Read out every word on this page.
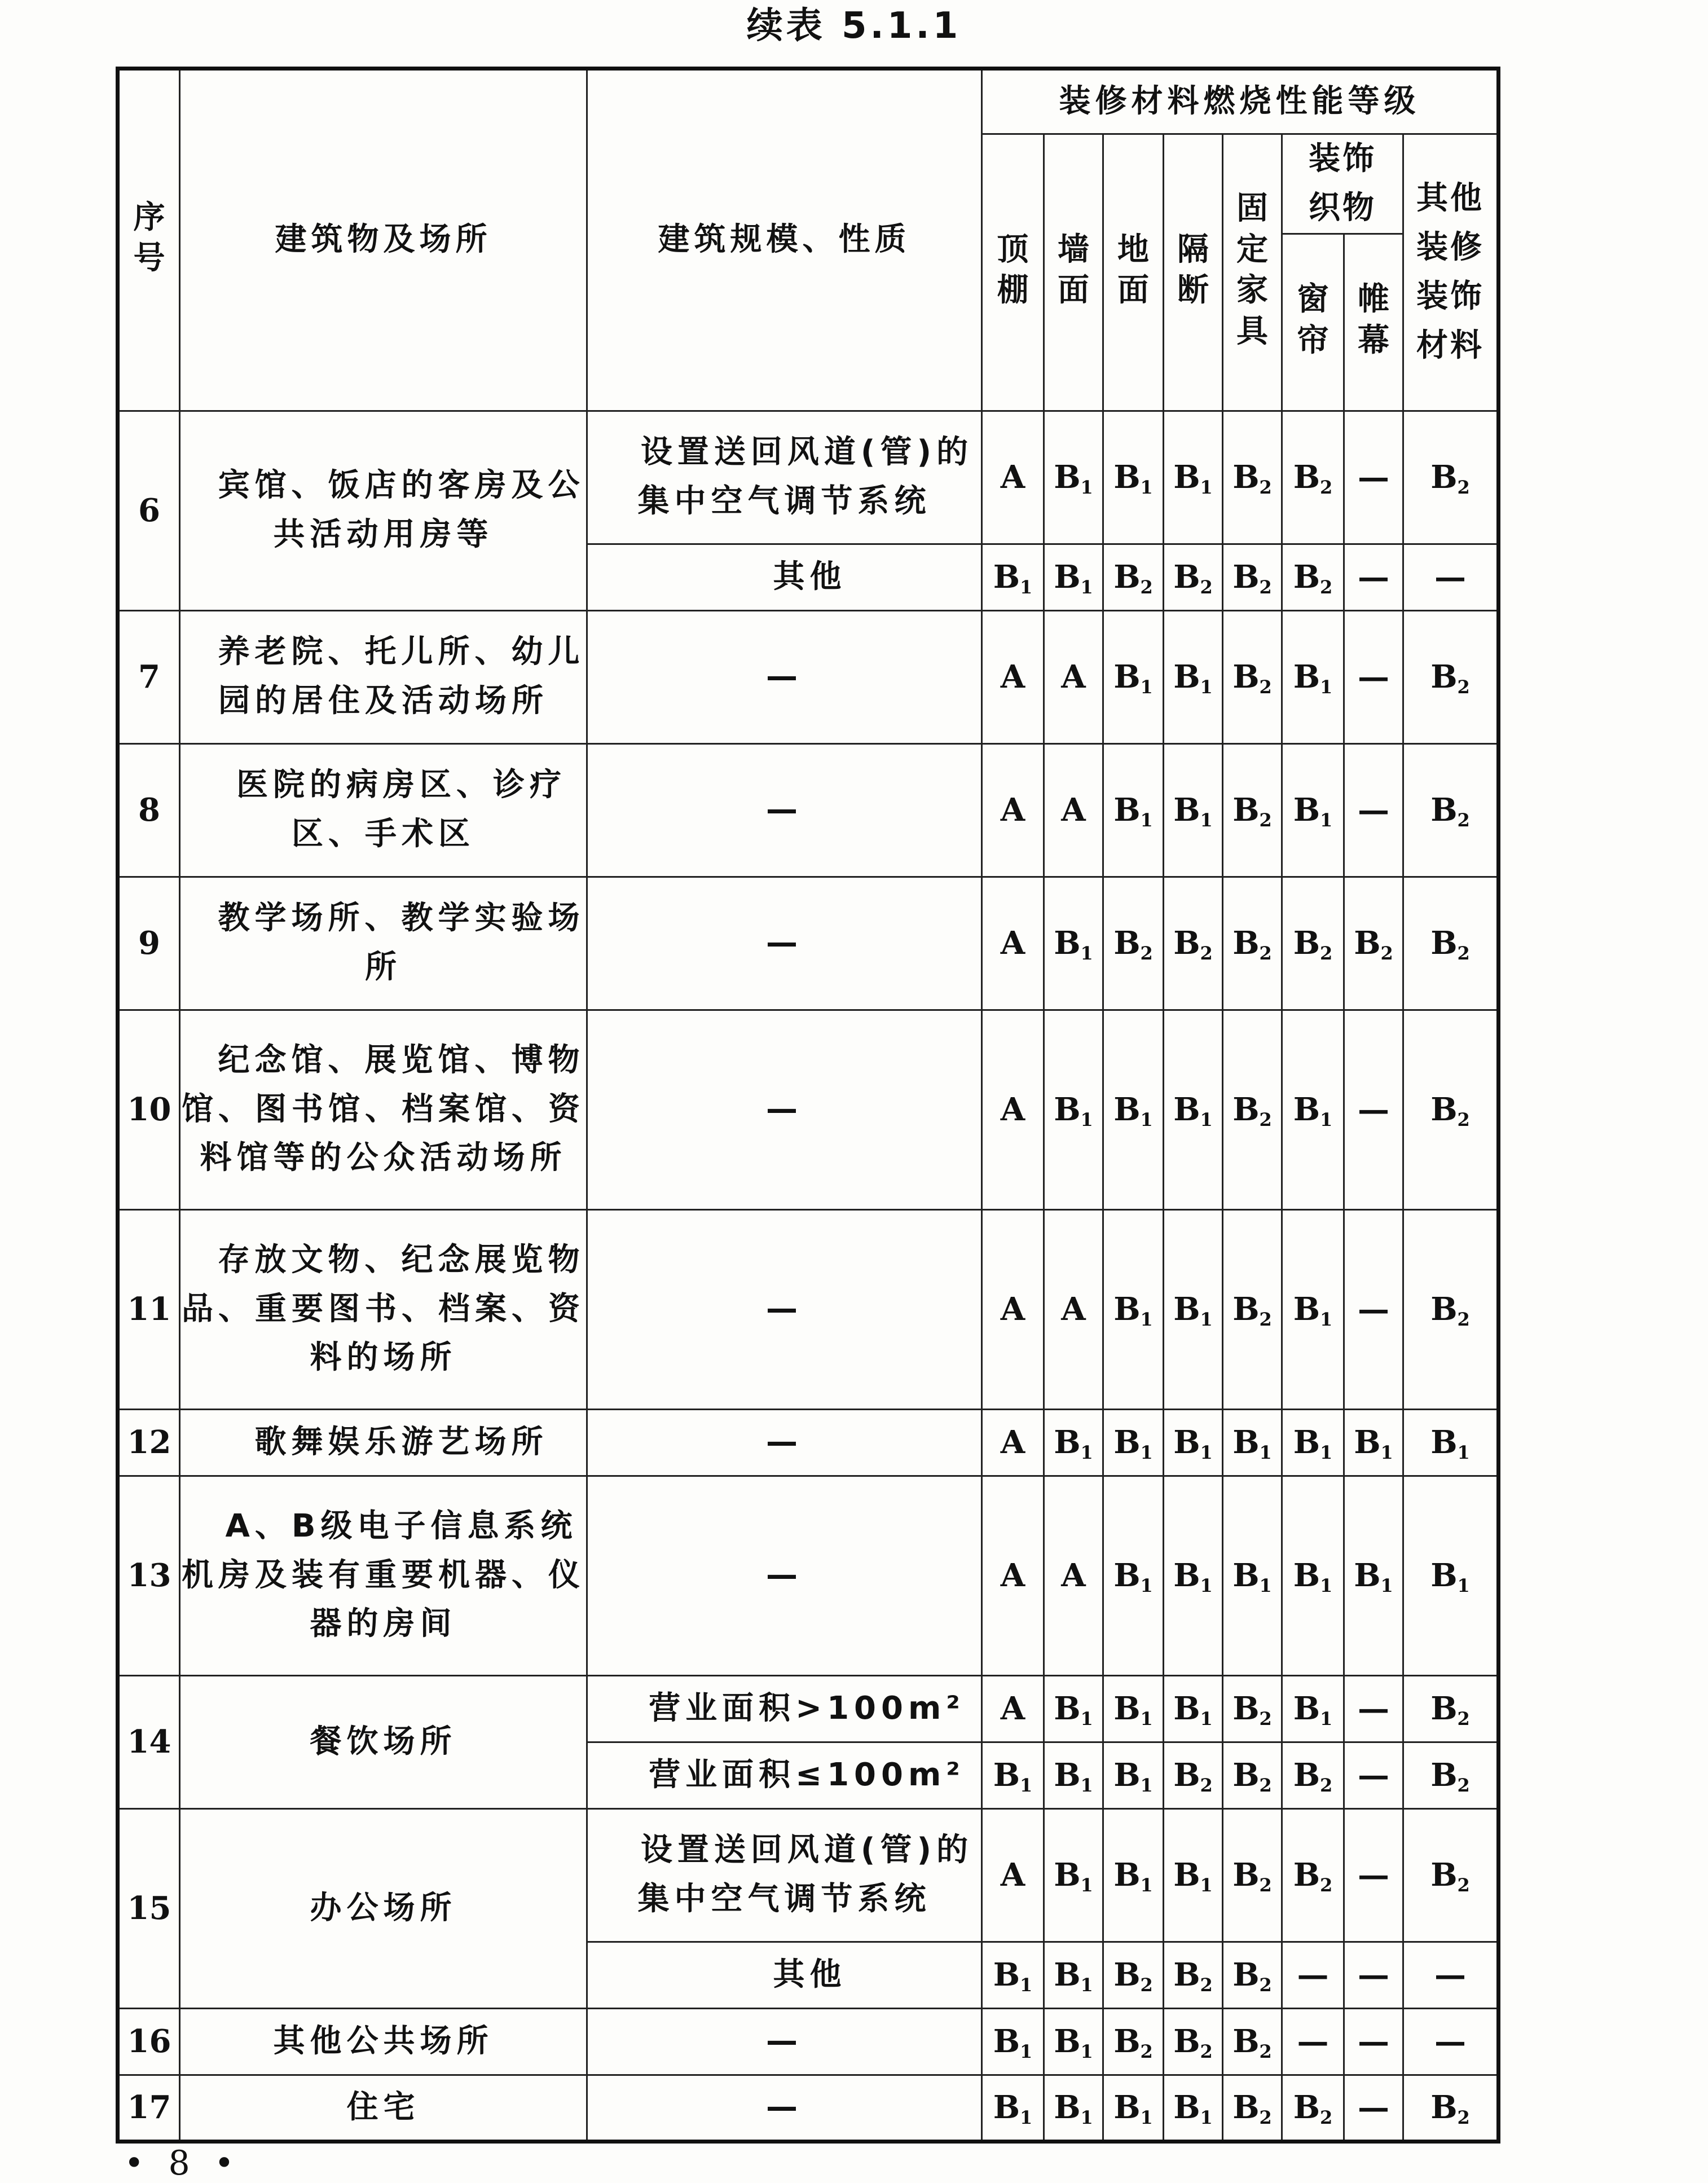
续表 5.1.1
序号	建筑物及场所	建筑规模、性质	装修材料燃烧性能等级							
			顶棚	墙面	地面	隔断	固定家具	装饰织物		其他装修装饰材料
								窗帘	帷幕	
6	宾馆、饭店的客房及公共活动用房等	设置送回风道(管)的集中空气调节系统	A	$B_1$	$B_1$	$B_1$	$B_2$	$B_2$	—	$B_2$
		其他	$B_1$	$B_1$	$B_2$	$B_2$	$B_2$	$B_2$	—	—
7	养老院、托儿所、幼儿园的居住及活动场所	—	A	A	$B_1$	$B_1$	$B_2$	$B_1$	—	$B_2$
8	医院的病房区、诊疗区、手术区	—	A	A	$B_1$	$B_1$	$B_2$	$B_1$	—	$B_2$
9	教学场所、教学实验场所	—	A	$B_1$	$B_2$	$B_2$	$B_2$	$B_2$	$B_2$	$B_2$
10	纪念馆、展览馆、博物馆、图书馆、档案馆、资料馆等的公众活动场所	—	A	$B_1$	$B_1$	$B_1$	$B_2$	$B_1$	—	$B_2$
11	存放文物、纪念展览物品、重要图书、档案、资料的场所	—	A	A	$B_1$	$B_1$	$B_2$	$B_1$	—	$B_2$
12	歌舞娱乐游艺场所	—	A	$B_1$	$B_1$	$B_1$	$B_1$	$B_1$	$B_1$	$B_1$
13	A、B级电子信息系统机房及装有重要机器、仪器的房间	—	A	A	$B_1$	$B_1$	$B_1$	$B_1$	$B_1$	$B_1$
14	餐饮场所	营业面积>100m²	A	$B_1$	$B_1$	$B_1$	$B_2$	$B_1$	—	$B_2$
		营业面积≤100m²	$B_1$	$B_1$	$B_1$	$B_2$	$B_2$	$B_2$	—	$B_2$
15	办公场所	设置送回风道(管)的集中空气调节系统	A	$B_1$	$B_1$	$B_1$	$B_2$	$B_2$	—	$B_2$
		其他	$B_1$	$B_1$	$B_2$	$B_2$	$B_2$	—	—	—
16	其他公共场所	—	$B_1$	$B_1$	$B_2$	$B_2$	$B_2$	—	—	—
17	住宅	—	$B_1$	$B_1$	$B_1$	$B_1$	$B_2$	$B_2$	—	$B_2$
• 8 •
